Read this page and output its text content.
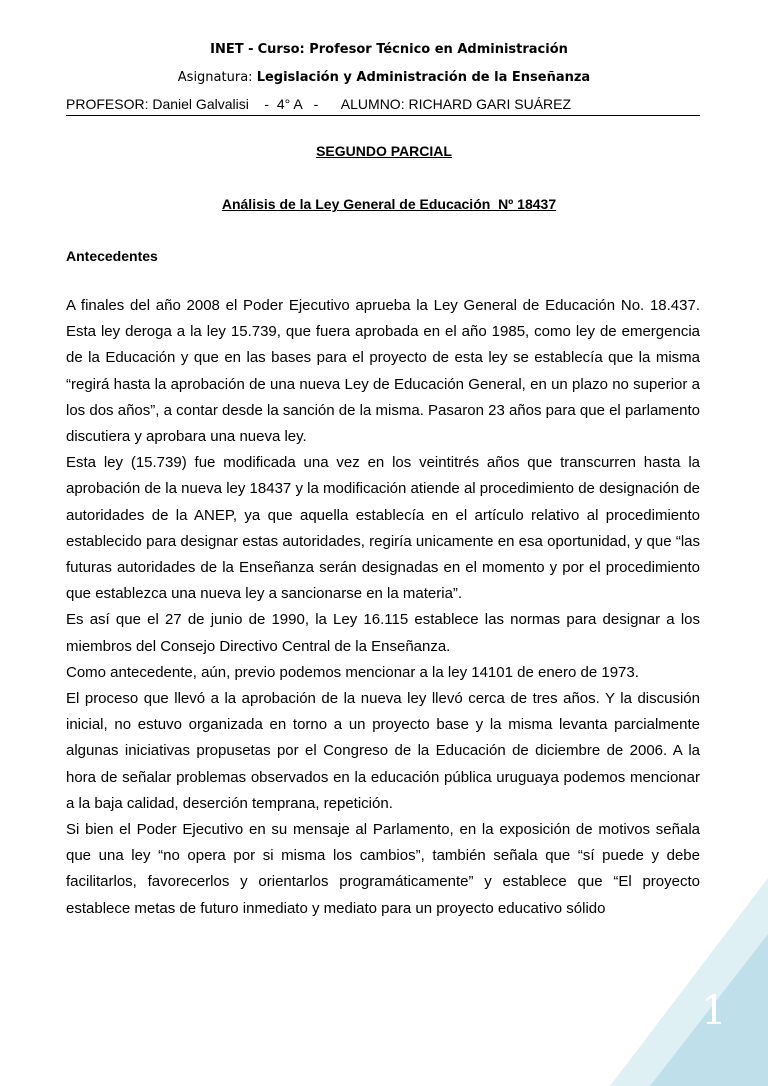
INET - Curso: Profesor Técnico en Administración
Asignatura: Legislación y Administración de la Enseñanza
PROFESOR: Daniel Galvalisi    -  4° A   -      ALUMNO: RICHARD GARI SUÁREZ
SEGUNDO PARCIAL
Análisis de la Ley General de Educación  Nº 18437
Antecedentes

A finales del año 2008 el Poder Ejecutivo aprueba la Ley General de Educación No. 18.437. Esta ley deroga a la ley 15.739, que fuera aprobada en el año 1985, como ley de emergencia de la Educación y que en las bases para el proyecto de esta ley se establecía que la misma “regirá hasta la aprobación de una nueva Ley de Educación General, en un plazo no superior a los dos años”, a contar desde la sanción de la misma. Pasaron 23 años para que el parlamento discutiera y aprobara una nueva ley.

Esta ley (15.739) fue modificada una vez en los veintitrés años que transcurren hasta la aprobación de la nueva ley 18437 y la modificación atiende al procedimiento de designación de autoridades de la ANEP, ya que aquella establecía en el artículo relativo al procedimiento establecido para designar estas autoridades, regiría unicamente en esa oportunidad, y que “las futuras autoridades de la Enseñanza serán designadas en el momento y por el procedimiento que establezca una nueva ley a sancionarse en la materia”.

Es así que el 27 de junio de 1990, la Ley 16.115 establece las normas para designar a los miembros del Consejo Directivo Central de la Enseñanza.

Como antecedente, aún, previo podemos mencionar a la ley 14101 de enero de 1973.

El proceso que llevó a la aprobación de la nueva ley llevó cerca de tres años. Y la discusión inicial, no estuvo organizada en torno a un proyecto base y la misma levanta parcialmente algunas iniciativas propusetas por el Congreso de la Educación de diciembre de 2006. A la hora de señalar problemas observados en la educación pública uruguaya podemos mencionar a la baja calidad, deserción temprana, repetición.

Si bien el Poder Ejecutivo en su mensaje al Parlamento, en la exposición de motivos señala que una ley “no opera por si misma los cambios”, también señala que “sí puede y debe facilitarlos, favorecerlos y orientarlos programáticamente” y establece que “El proyecto establece metas de futuro inmediato y mediato para un proyecto educativo sólido

1
